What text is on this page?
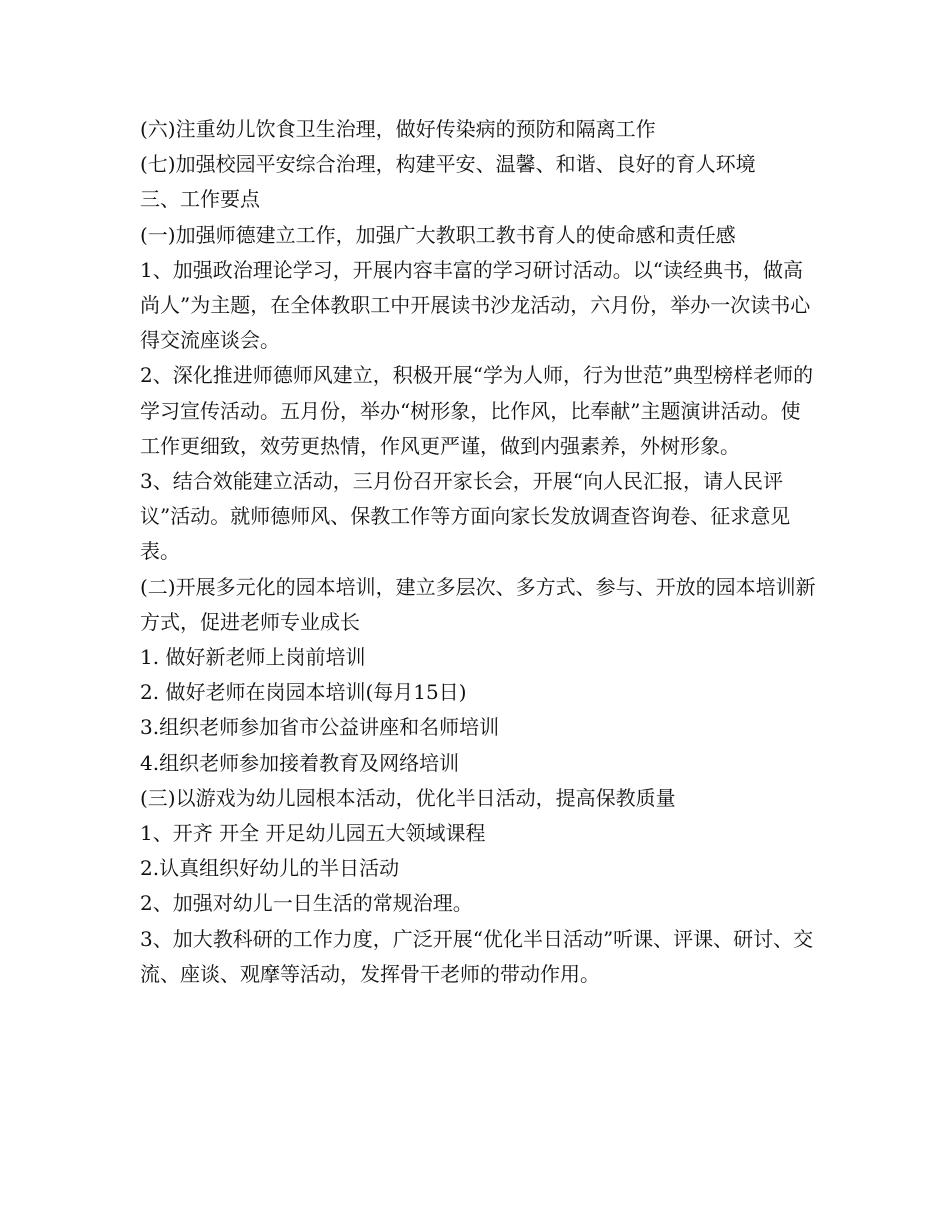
(六)注重幼儿饮食卫生治理，做好传染病的预防和隔离工作

(七)加强校园平安综合治理，构建平安、温馨、和谐、良好的育人环境

三、工作要点

(一)加强师德建立工作，加强广大教职工教书育人的使命感和责任感

1、加强政治理论学习，开展内容丰富的学习研讨活动。以“读经典书，做高尚人”为主题，在全体教职工中开展读书沙龙活动，六月份，举办一次读书心得交流座谈会。

2、深化推进师德师风建立，积极开展“学为人师，行为世范”典型榜样老师的学习宣传活动。五月份，举办“树形象，比作风，比奉献”主题演讲活动。使工作更细致，效劳更热情，作风更严谨，做到内强素养，外树形象。

3、结合效能建立活动，三月份召开家长会，开展“向人民汇报，请人民评议”活动。就师德师风、保教工作等方面向家长发放调查咨询卷、征求意见表。

(二)开展多元化的园本培训，建立多层次、多方式、参与、开放的园本培训新方式，促进老师专业成长

1. 做好新老师上岗前培训

2. 做好老师在岗园本培训(每月15日)

3.组织老师参加省市公益讲座和名师培训

4.组织老师参加接着教育及网络培训

(三)以游戏为幼儿园根本活动，优化半日活动，提高保教质量

1、开齐 开全 开足幼儿园五大领域课程

2.认真组织好幼儿的半日活动

2、加强对幼儿一日生活的常规治理。

3、加大教科研的工作力度，广泛开展“优化半日活动”听课、评课、研讨、交流、座谈、观摩等活动，发挥骨干老师的带动作用。
